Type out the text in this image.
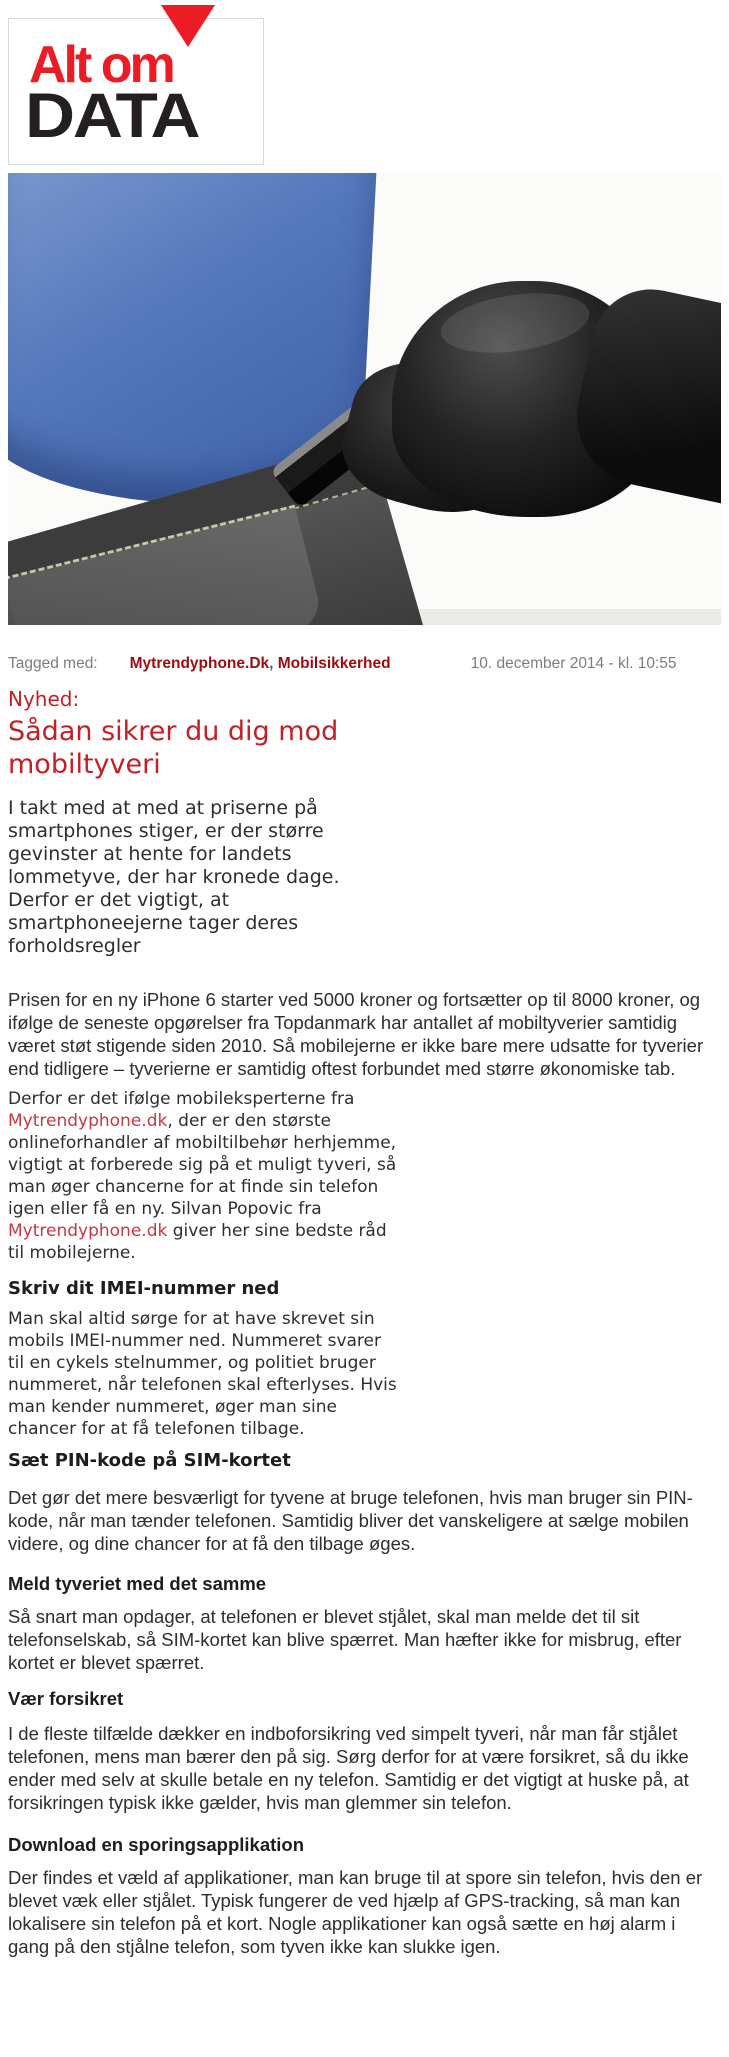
Alt om
DATA
Tagged med: Mytrendyphone.Dk, Mobilsikkerhed	10. december 2014 - kl. 10:55
Nyhed:
Sådan sikrer du dig mod mobiltyveri
I takt med at med at priserne på smartphones stiger, er der større gevinster at hente for landets lommetyve, der har kronede dage. Derfor er det vigtigt, at smartphoneejerne tager deres forholdsregler
Prisen for en ny iPhone 6 starter ved 5000 kroner og fortsætter op til 8000 kroner, og ifølge de seneste opgørelser fra Topdanmark har antallet af mobiltyverier samtidig været støt stigende siden 2010. Så mobilejerne er ikke bare mere udsatte for tyverier end tidligere – tyverierne er samtidig oftest forbundet med større økonomiske tab.
Derfor er det ifølge mobileksperterne fra Mytrendyphone.dk, der er den største onlineforhandler af mobiltilbehør herhjemme, vigtigt at forberede sig på et muligt tyveri, så man øger chancerne for at finde sin telefon igen eller få en ny. Silvan Popovic fra Mytrendyphone.dk giver her sine bedste råd til mobilejerne.
Skriv dit IMEI-nummer ned
Man skal altid sørge for at have skrevet sin mobils IMEI-nummer ned. Nummeret svarer til en cykels stelnummer, og politiet bruger nummeret, når telefonen skal efterlyses. Hvis man kender nummeret, øger man sine chancer for at få telefonen tilbage.
Sæt PIN-kode på SIM-kortet
Det gør det mere besværligt for tyvene at bruge telefonen, hvis man bruger sin PIN-kode, når man tænder telefonen. Samtidig bliver det vanskeligere at sælge mobilen videre, og dine chancer for at få den tilbage øges.
Meld tyveriet med det samme
Så snart man opdager, at telefonen er blevet stjålet, skal man melde det til sit telefonselskab, så SIM-kortet kan blive spærret. Man hæfter ikke for misbrug, efter kortet er blevet spærret.
Vær forsikret
I de fleste tilfælde dækker en indboforsikring ved simpelt tyveri, når man får stjålet telefonen, mens man bærer den på sig. Sørg derfor for at være forsikret, så du ikke ender med selv at skulle betale en ny telefon. Samtidig er det vigtigt at huske på, at forsikringen typisk ikke gælder, hvis man glemmer sin telefon.
Download en sporingsapplikation
Der findes et væld af applikationer, man kan bruge til at spore sin telefon, hvis den er blevet væk eller stjålet. Typisk fungerer de ved hjælp af GPS-tracking, så man kan lokalisere sin telefon på et kort. Nogle applikationer kan også sætte en høj alarm i gang på den stjålne telefon, som tyven ikke kan slukke igen.
